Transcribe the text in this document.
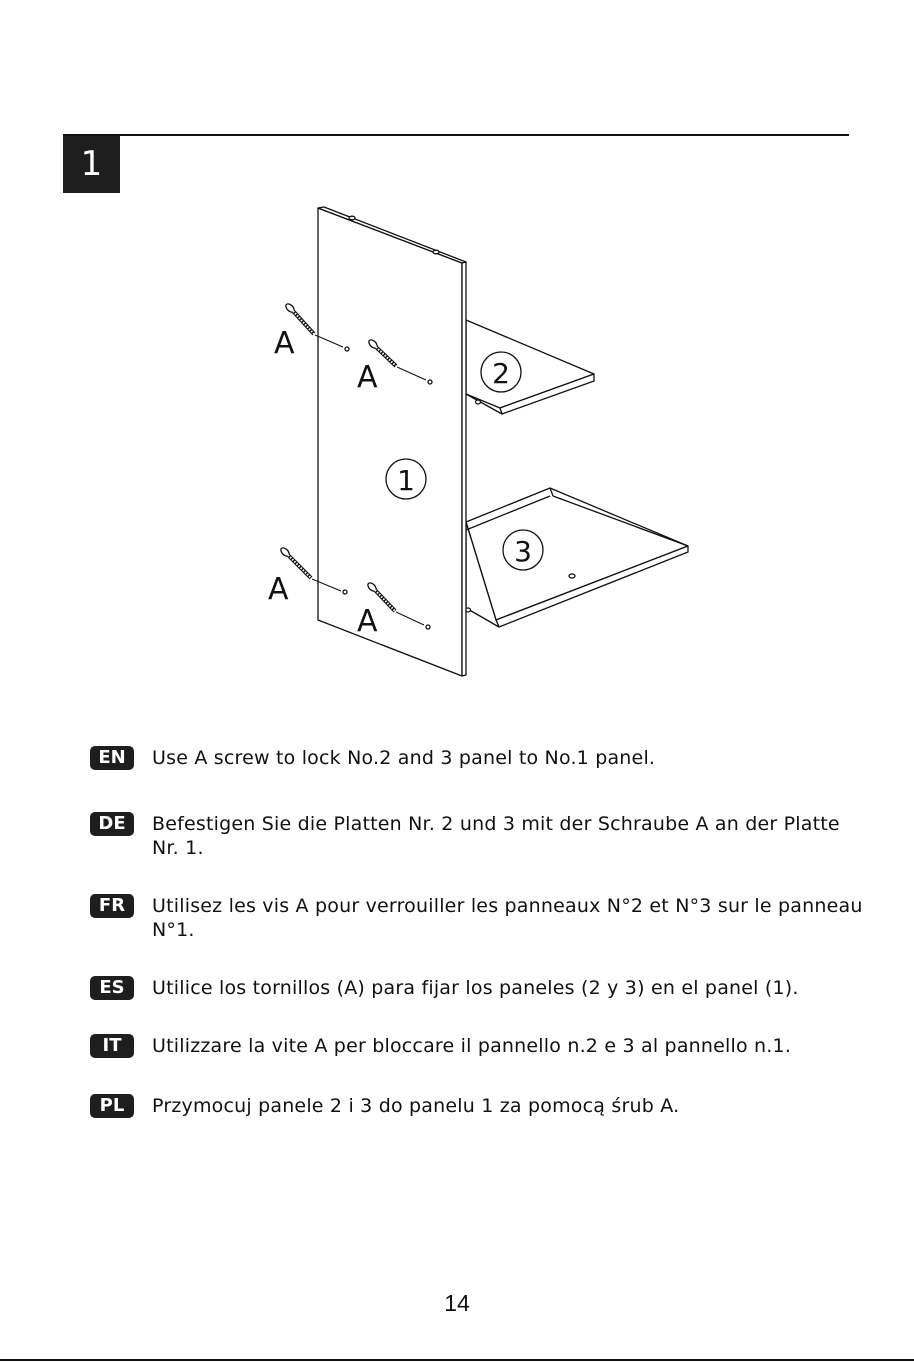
1
A
A
A
A
1
2
3
EN	Use A screw to lock No.2 and 3 panel to No.1 panel.
DE	Befestigen Sie die Platten Nr. 2 und 3 mit der Schraube A an der Platte Nr. 1.
FR	Utilisez les vis A pour verrouiller les panneaux N°2 et N°3 sur le panneau N°1.
ES	Utilice los tornillos (A) para fijar los paneles (2 y 3) en el panel (1).
IT	Utilizzare la vite A per bloccare il pannello n.2 e 3 al pannello n.1.
PL	Przymocuj panele 2 i 3 do panelu 1 za pomocą śrub A.
14
